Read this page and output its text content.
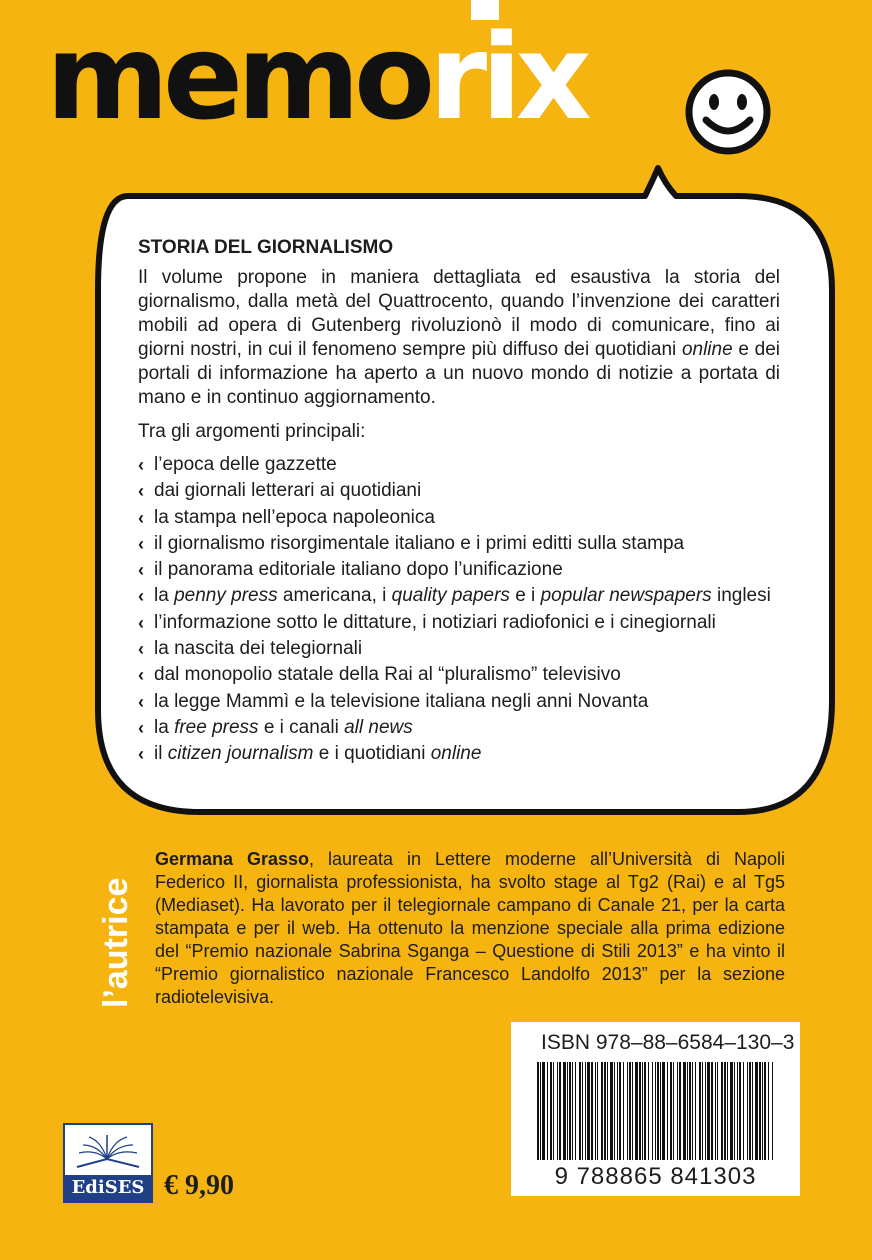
memorix
STORIA DEL GIORNALISMO

Il volume propone in maniera dettagliata ed esaustiva la storia del giornalismo, dalla metà del Quattrocento, quando l’invenzione dei caratteri mobili ad opera di Gutenberg rivoluzionò il modo di comunicare, fino ai giorni nostri, in cui il fenomeno sempre più diffuso dei quotidiani online e dei portali di informazione ha aperto a un nuovo mondo di notizie a portata di mano e in continuo aggiornamento.

Tra gli argomenti principali:

‹ l’epoca delle gazzette
‹ dai giornali letterari ai quotidiani
‹ la stampa nell’epoca napoleonica
‹ il giornalismo risorgimentale italiano e i primi editti sulla stampa
‹ il panorama editoriale italiano dopo l’unificazione
‹ la penny press americana, i quality papers e i popular newspapers inglesi
‹ l’informazione sotto le dittature, i notiziari radiofonici e i cinegiornali
‹ la nascita dei telegiornali
‹ dal monopolio statale della Rai al “pluralismo” televisivo
‹ la legge Mammì e la televisione italiana negli anni Novanta
‹ la free press e i canali all news
‹ il citizen journalism e i quotidiani online
l’autrice
Germana Grasso, laureata in Lettere moderne all’Università di Napoli Federico II, giornalista professionista, ha svolto stage al Tg2 (Rai) e al Tg5 (Mediaset). Ha lavorato per il telegiornale campano di Canale 21, per la carta stampata e per il web. Ha ottenuto la menzione speciale alla prima edizione del “Premio nazionale Sabrina Sganga – Questione di Stili 2013” e ha vinto il “Premio giornalistico nazionale Francesco Landolfo 2013” per la sezione radiotelevisiva.
ISBN 978–88–6584–130–3
9 788865 841303
EdiSES € 9,90
